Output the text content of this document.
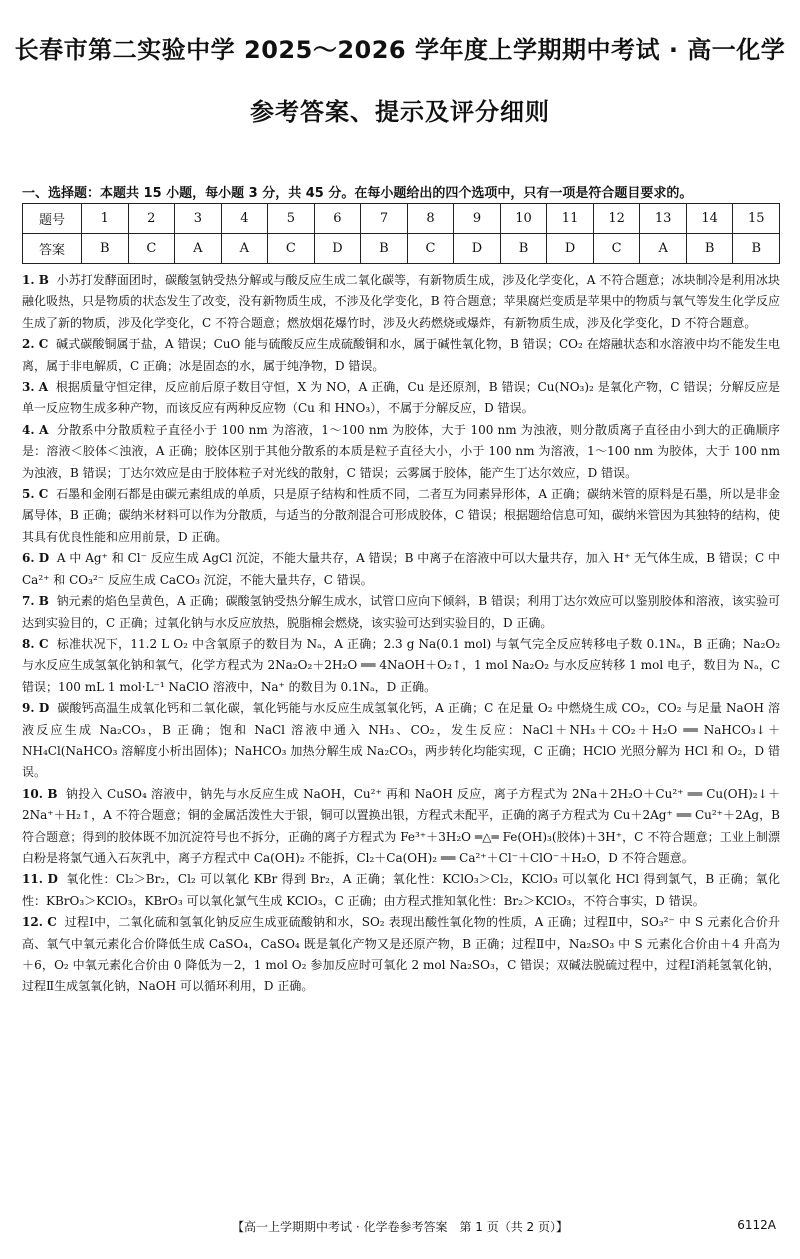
长春市第二实验中学 2025～2026 学年度上学期期中考试 · 高一化学
参考答案、提示及评分细则
一、选择题：本题共 15 小题，每小题 3 分，共 45 分。在每小题给出的四个选项中，只有一项是符合题目要求的。
题号	1	2	3	4	5	6	7	8	9	10	11	12	13	14	15
答案	B	C	A	A	C	D	B	C	D	B	D	C	A	B	B

1. B 小苏打发酵面团时，碳酸氢钠受热分解或与酸反应生成二氧化碳等，有新物质生成，涉及化学变化，A 不符合题意；冰块制冷是利用冰块融化吸热，只是物质的状态发生了改变，没有新物质生成，不涉及化学变化，B 符合题意；苹果腐烂变质是苹果中的物质与氧气等发生化学反应生成了新的物质，涉及化学变化，C 不符合题意；燃放烟花爆竹时，涉及火药燃烧或爆炸，有新物质生成，涉及化学变化，D 不符合题意。

2. C 碱式碳酸铜属于盐，A 错误；CuO 能与硫酸反应生成硫酸铜和水，属于碱性氧化物，B 错误；CO₂ 在熔融状态和水溶液中均不能发生电离，属于非电解质，C 正确；冰是固态的水，属于纯净物，D 错误。

3. A 根据质量守恒定律，反应前后原子数目守恒，X 为 NO，A 正确，Cu 是还原剂，B 错误；Cu(NO₃)₂ 是氧化产物，C 错误；分解反应是单一反应物生成多种产物，而该反应有两种反应物（Cu 和 HNO₃），不属于分解反应，D 错误。

4. A 分散系中分散质粒子直径小于 100 nm 为溶液，1～100 nm 为胶体，大于 100 nm 为浊液，则分散质离子直径由小到大的正确顺序是：溶液＜胶体＜浊液，A 正确；胶体区别于其他分散系的本质是粒子直径大小，小于 100 nm 为溶液，1～100 nm 为胶体，大于 100 nm 为浊液，B 错误；丁达尔效应是由于胶体粒子对光线的散射，C 错误；云雾属于胶体，能产生丁达尔效应，D 错误。

5. C 石墨和金刚石都是由碳元素组成的单质，只是原子结构和性质不同，二者互为同素异形体，A 正确；碳纳米管的原料是石墨，所以是非金属导体，B 正确；碳纳米材料可以作为分散质，与适当的分散剂混合可形成胶体，C 错误；根据题给信息可知，碳纳米管因为其独特的结构，使其具有优良性能和应用前景，D 正确。

6. D A 中 Ag⁺ 和 Cl⁻ 反应生成 AgCl 沉淀，不能大量共存，A 错误；B 中离子在溶液中可以大量共存，加入 H⁺ 无气体生成，B 错误；C 中 Ca²⁺ 和 CO₃²⁻ 反应生成 CaCO₃ 沉淀，不能大量共存，C 错误。

7. B 钠元素的焰色呈黄色，A 正确；碳酸氢钠受热分解生成水，试管口应向下倾斜，B 错误；利用丁达尔效应可以鉴别胶体和溶液，该实验可达到实验目的，C 正确；过氧化钠与水反应放热，脱脂棉会燃烧，该实验可达到实验目的，D 正确。

8. C 标准状况下，11.2 L O₂ 中含氧原子的数目为 Nₐ，A 正确；2.3 g Na(0.1 mol) 与氧气完全反应转移电子数 0.1Nₐ，B 正确；Na₂O₂ 与水反应生成氢氧化钠和氧气，化学方程式为 2Na₂O₂＋2H₂O ══ 4NaOH＋O₂↑，1 mol Na₂O₂ 与水反应转移 1 mol 电子，数目为 Nₐ，C 错误；100 mL 1 mol·L⁻¹ NaClO 溶液中，Na⁺ 的数目为 0.1Nₐ，D 正确。

9. D 碳酸钙高温生成氧化钙和二氧化碳，氧化钙能与水反应生成氢氧化钙，A 正确；C 在足量 O₂ 中燃烧生成 CO₂，CO₂ 与足量 NaOH 溶液反应生成 Na₂CO₃，B 正确；饱和 NaCl 溶液中通入 NH₃、CO₂，发生反应：NaCl＋NH₃＋CO₂＋H₂O ══ NaHCO₃↓＋NH₄Cl(NaHCO₃ 溶解度小析出固体)；NaHCO₃ 加热分解生成 Na₂CO₃，两步转化均能实现，C 正确；HClO 光照分解为 HCl 和 O₂，D 错误。

10. B 钠投入 CuSO₄ 溶液中，钠先与水反应生成 NaOH，Cu²⁺ 再和 NaOH 反应，离子方程式为 2Na＋2H₂O＋Cu²⁺ ══ Cu(OH)₂↓＋2Na⁺＋H₂↑，A 不符合题意；铜的金属活泼性大于银，铜可以置换出银，方程式未配平，正确的离子方程式为 Cu＋2Ag⁺ ══ Cu²⁺＋2Ag，B 符合题意；得到的胶体既不加沉淀符号也不拆分，正确的离子方程式为 Fe³⁺＋3H₂O ═△═ Fe(OH)₃(胶体)＋3H⁺，C 不符合题意；工业上制漂白粉是将氯气通入石灰乳中，离子方程式中 Ca(OH)₂ 不能拆，Cl₂＋Ca(OH)₂ ══ Ca²⁺＋Cl⁻＋ClO⁻＋H₂O，D 不符合题意。

11. D 氧化性：Cl₂＞Br₂，Cl₂ 可以氧化 KBr 得到 Br₂，A 正确；氧化性：KClO₃＞Cl₂，KClO₃ 可以氧化 HCl 得到氯气，B 正确；氧化性：KBrO₃＞KClO₃，KBrO₃ 可以氧化氯气生成 KClO₃，C 正确；由方程式推知氧化性：Br₂＞KClO₃，不符合事实，D 错误。

12. C 过程Ⅰ中，二氧化硫和氢氧化钠反应生成亚硫酸钠和水，SO₂ 表现出酸性氧化物的性质，A 正确；过程Ⅱ中，SO₃²⁻ 中 S 元素化合价升高、氧气中氧元素化合价降低生成 CaSO₄，CaSO₄ 既是氧化产物又是还原产物，B 正确；过程Ⅱ中，Na₂SO₃ 中 S 元素化合价由＋4 升高为＋6，O₂ 中氧元素化合价由 0 降低为－2，1 mol O₂ 参加反应时可氧化 2 mol Na₂SO₃，C 错误；双碱法脱硫过程中，过程Ⅰ消耗氢氧化钠，过程Ⅱ生成氢氧化钠，NaOH 可以循环利用，D 正确。

【高一上学期期中考试 · 化学卷参考答案　第 1 页（共 2 页）】	6112A
